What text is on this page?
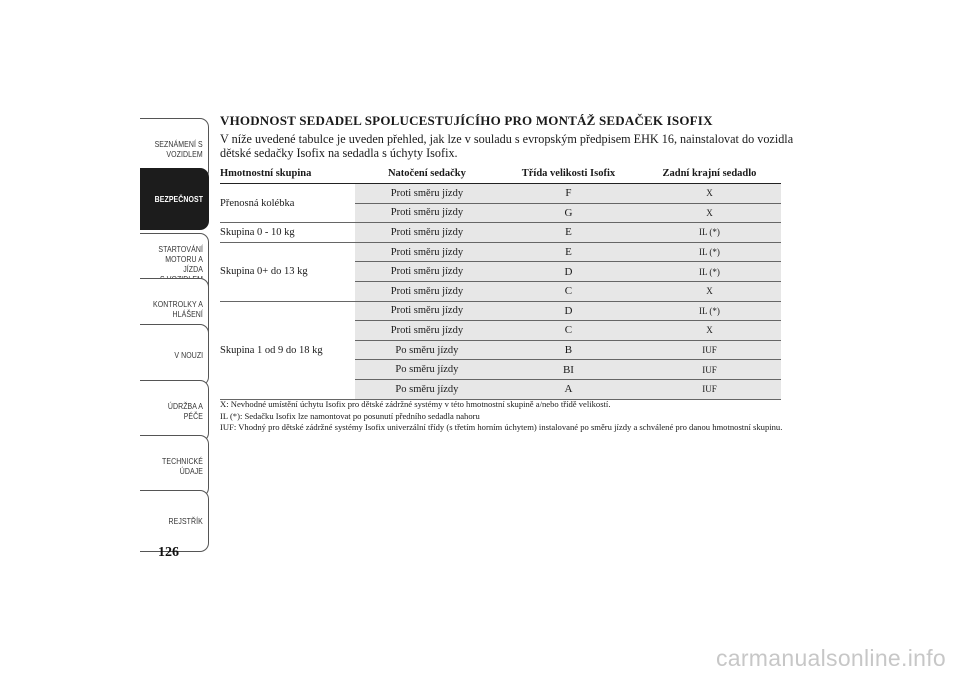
SEZNÁMENÍ S
VOZIDLEM
BEZPEČNOST
STARTOVÁNÍ
MOTORU A JÍZDA

KONTROLKY A
HLÁŠENÍ
V NOUZI
ÚDRŽBA A PÉČE
TECHNICKÉ
ÚDAJE
REJSTŘÍK
126
VHODNOST SEDADEL SPOLUCESTUJÍCÍHO PRO MONTÁŽ SEDAČEK ISOFIX
V níže uvedené tabulce je uveden přehled, jak lze v souladu s evropským předpisem EHK 16, nainstalovat do vozidla dětské sedačky Isofix na sedadla s úchyty Isofix.
Hmotnostní skupina	Natočení sedačky	Třída velikosti Isofix	Zadní krajní sedadlo
Přenosná kolébka	Proti směru jízdy	F	X
	Proti směru jízdy	G	X
Skupina 0 - 10 kg	Proti směru jízdy	E	IL (*)
Skupina 0+ do 13 kg	Proti směru jízdy	E	IL (*)
	Proti směru jízdy	D	IL (*)
	Proti směru jízdy	C	X
Skupina 1 od 9 do 18 kg	Proti směru jízdy	D	IL (*)
	Proti směru jízdy	C	X
	Po směru jízdy	B	IUF
	Po směru jízdy	BI	IUF
	Po směru jízdy	A	IUF

X: Nevhodné umístění úchytu Isofix pro dětské zádržné systémy v této hmotnostní skupině a/nebo třídě velikostí.

IL (*): Sedačku Isofix lze namontovat po posunutí předního sedadla nahoru

IUF: Vhodný pro dětské zádržné systémy Isofix univerzální třídy (s třetím horním úchytem) instalované po směru jízdy a schválené pro danou hmotnostní skupinu.

carmanualsonline.info
